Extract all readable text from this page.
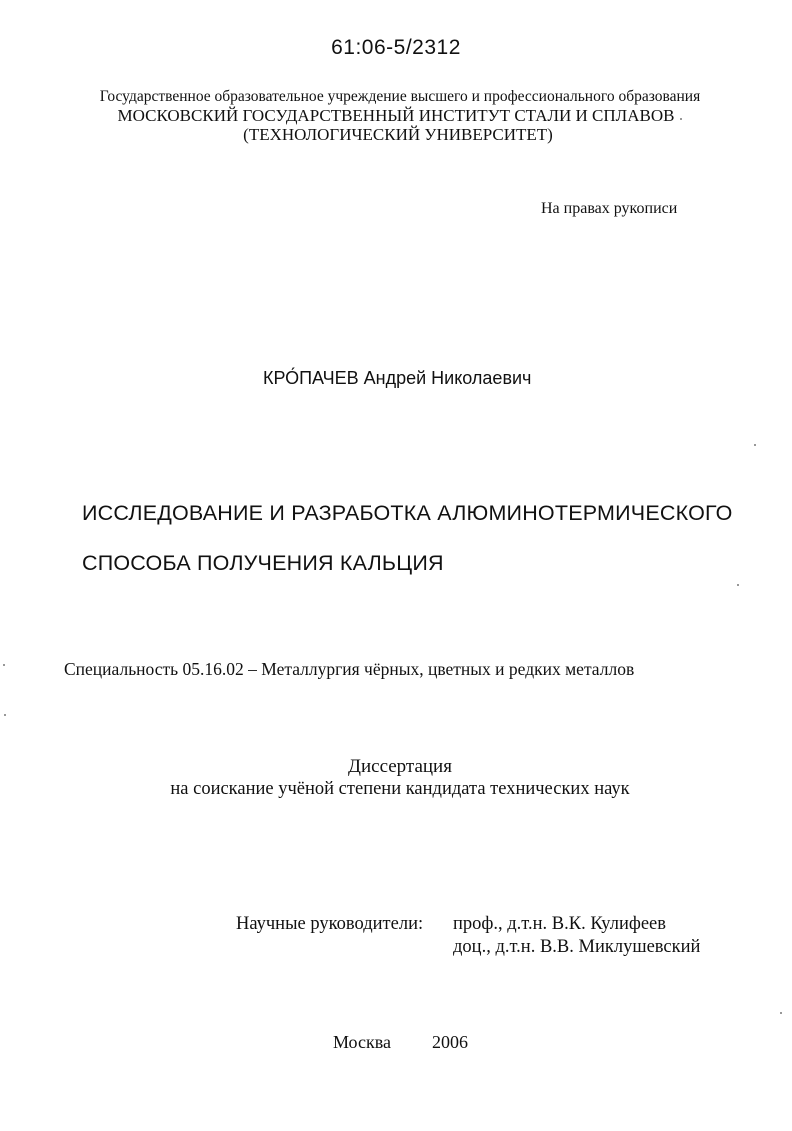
61:06-5/2312
Государственное образовательное учреждение высшего и профессионального образования
МОСКОВСКИЙ ГОСУДАРСТВЕННЫЙ ИНСТИТУТ СТАЛИ И СПЛАВОВ
(ТЕХНОЛОГИЧЕСКИЙ УНИВЕРСИТЕТ)
На правах рукописи
КРО́ПАЧЕВ Андрей Николаевич
ИССЛЕДОВАНИЕ И РАЗРАБОТКА АЛЮМИНОТЕРМИЧЕСКОГО
СПОСОБА ПОЛУЧЕНИЯ КАЛЬЦИЯ
Специальность 05.16.02 – Металлургия чёрных, цветных и редких металлов
Диссертация
на соискание учёной степени кандидата технических наук
Научные руководители: проф., д.т.н. В.К. Кулифеев
доц., д.т.н. В.В. Миклушевский
Москва 2006
